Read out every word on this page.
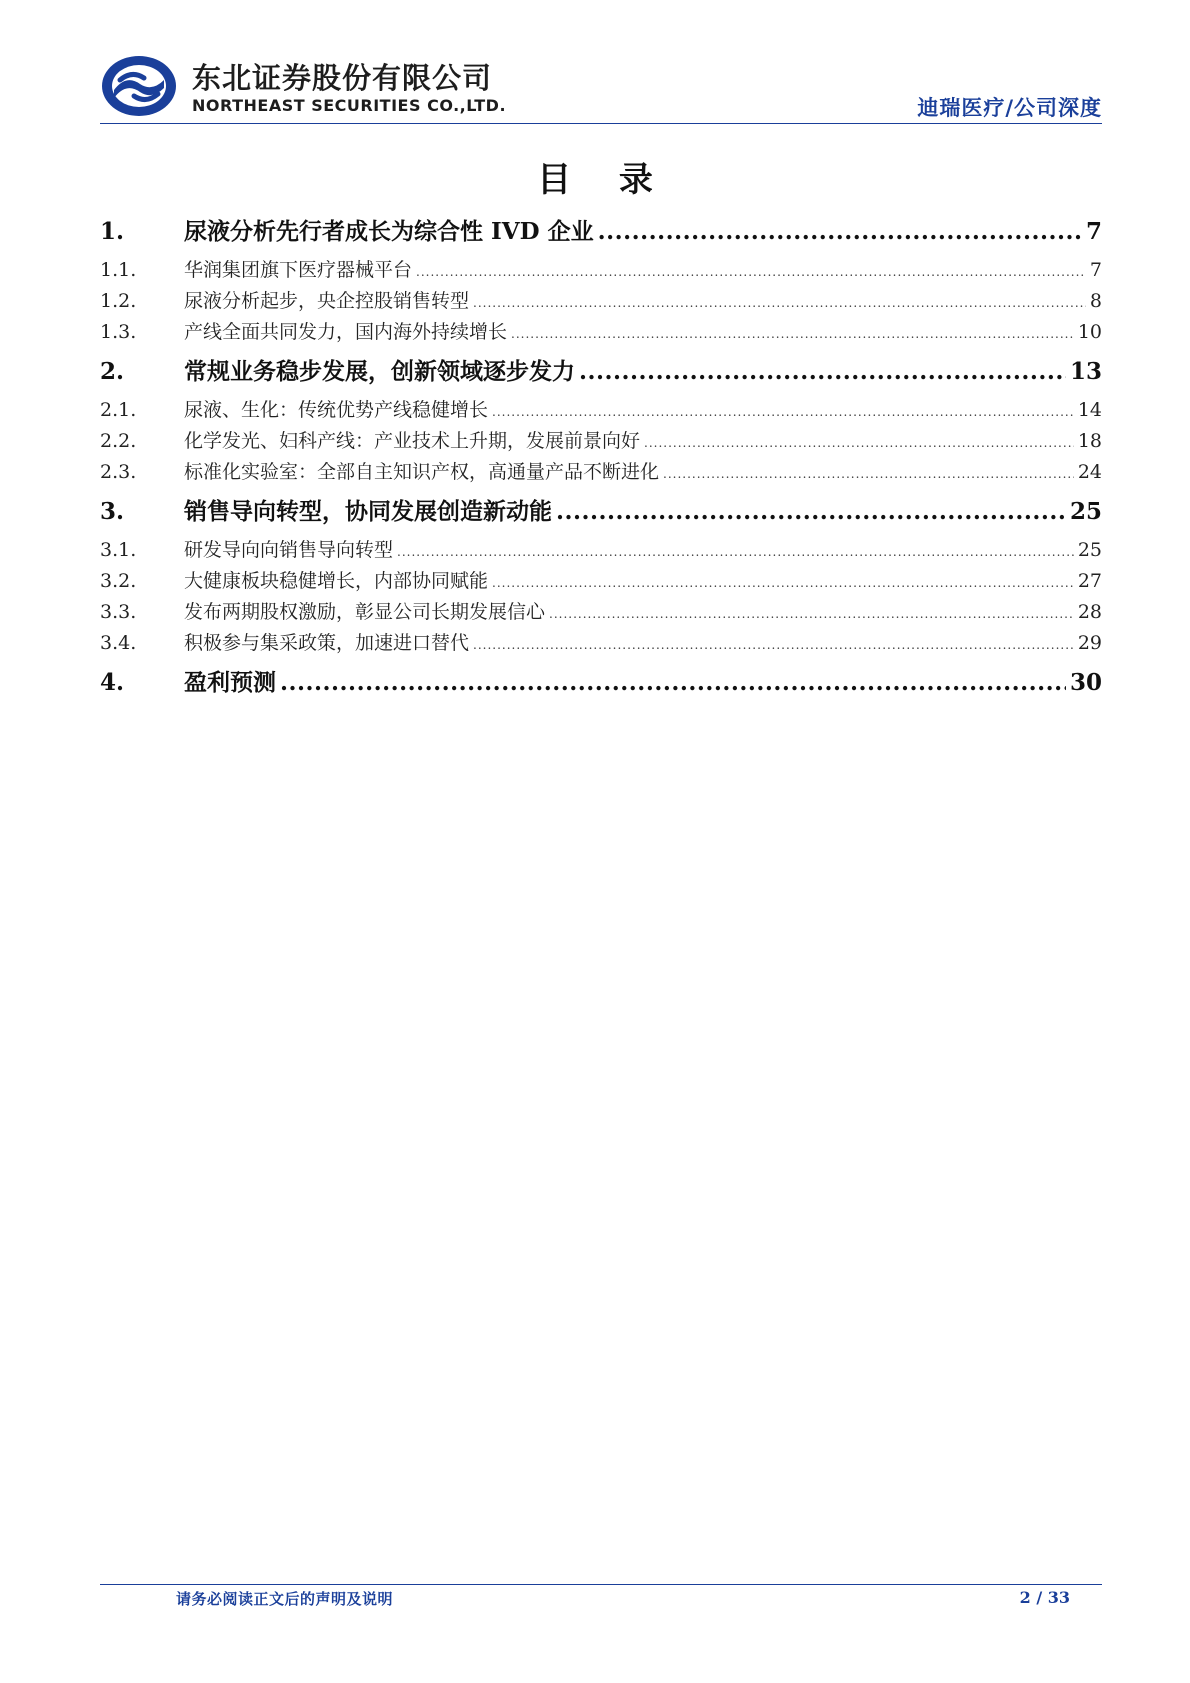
东北证券股份有限公司
NORTHEAST SECURITIES CO.,LTD.	迪瑞医疗/公司深度
目 录
1.	尿液分析先行者成长为综合性 IVD 企业 .....	7
1.1.	华润集团旗下医疗器械平台 .....	7
1.2.	尿液分析起步，央企控股销售转型 .....	8
1.3.	产线全面共同发力，国内海外持续增长 .....	10
2.	常规业务稳步发展，创新领域逐步发力 .....	13
2.1.	尿液、生化：传统优势产线稳健增长 .....	14
2.2.	化学发光、妇科产线：产业技术上升期，发展前景向好 .....	18
2.3.	标准化实验室：全部自主知识产权，高通量产品不断进化 .....	24
3.	销售导向转型，协同发展创造新动能 .....	25
3.1.	研发导向向销售导向转型 .....	25
3.2.	大健康板块稳健增长，内部协同赋能 .....	27
3.3.	发布两期股权激励，彰显公司长期发展信心 .....	28
3.4.	积极参与集采政策，加速进口替代 .....	29
4.	盈利预测 .....	30
请务必阅读正文后的声明及说明	2 / 33
